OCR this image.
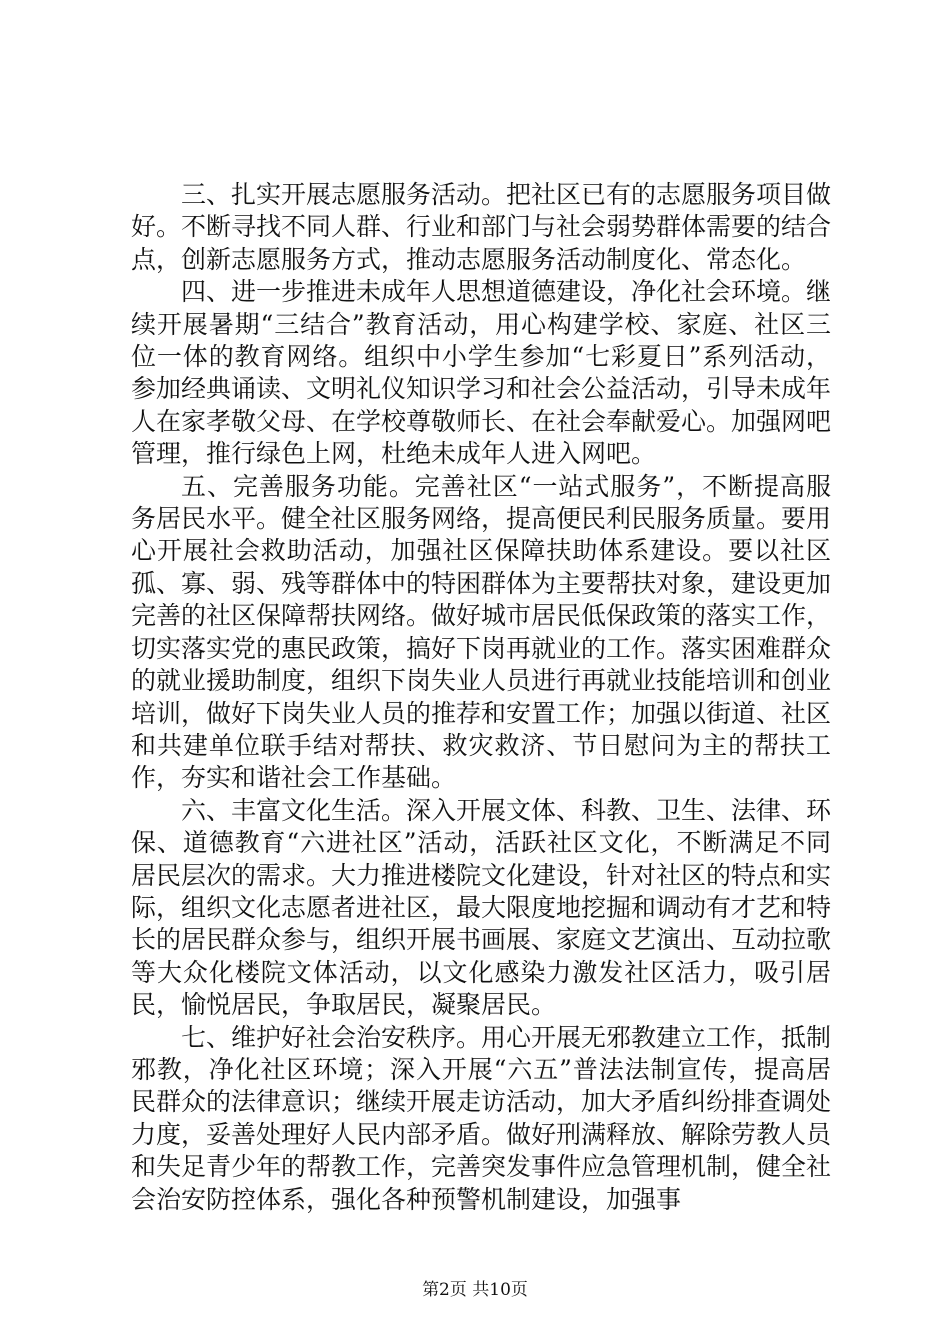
三、扎实开展志愿服务活动。把社区已有的志愿服务项目做好。不断寻找不同人群、行业和部门与社会弱势群体需要的结合点，创新志愿服务方式，推动志愿服务活动制度化、常态化。

四、进一步推进未成年人思想道德建设，净化社会环境。继续开展暑期“三结合”教育活动，用心构建学校、家庭、社区三位一体的教育网络。组织中小学生参加“七彩夏日”系列活动，参加经典诵读、文明礼仪知识学习和社会公益活动，引导未成年人在家孝敬父母、在学校尊敬师长、在社会奉献爱心。加强网吧管理，推行绿色上网，杜绝未成年人进入网吧。

五、完善服务功能。完善社区“一站式服务”，不断提高服务居民水平。健全社区服务网络，提高便民利民服务质量。要用心开展社会救助活动，加强社区保障扶助体系建设。要以社区孤、寡、弱、残等群体中的特困群体为主要帮扶对象，建设更加完善的社区保障帮扶网络。做好城市居民低保政策的落实工作，切实落实党的惠民政策，搞好下岗再就业的工作。落实困难群众的就业援助制度，组织下岗失业人员进行再就业技能培训和创业培训，做好下岗失业人员的推荐和安置工作；加强以街道、社区和共建单位联手结对帮扶、救灾救济、节日慰问为主的帮扶工作，夯实和谐社会工作基础。

六、丰富文化生活。深入开展文体、科教、卫生、法律、环保、道德教育“六进社区”活动，活跃社区文化，不断满足不同居民层次的需求。大力推进楼院文化建设，针对社区的特点和实际，组织文化志愿者进社区，最大限度地挖掘和调动有才艺和特长的居民群众参与，组织开展书画展、家庭文艺演出、互动拉歌等大众化楼院文体活动，以文化感染力激发社区活力，吸引居民，愉悦居民，争取居民，凝聚居民。

七、维护好社会治安秩序。用心开展无邪教建立工作，抵制邪教，净化社区环境；深入开展“六五”普法法制宣传，提高居民群众的法律意识；继续开展走访活动，加大矛盾纠纷排查调处力度，妥善处理好人民内部矛盾。做好刑满释放、解除劳教人员和失足青少年的帮教工作，完善突发事件应急管理机制，健全社会治安防控体系，强化各种预警机制建设，加强事

第2页 共10页
